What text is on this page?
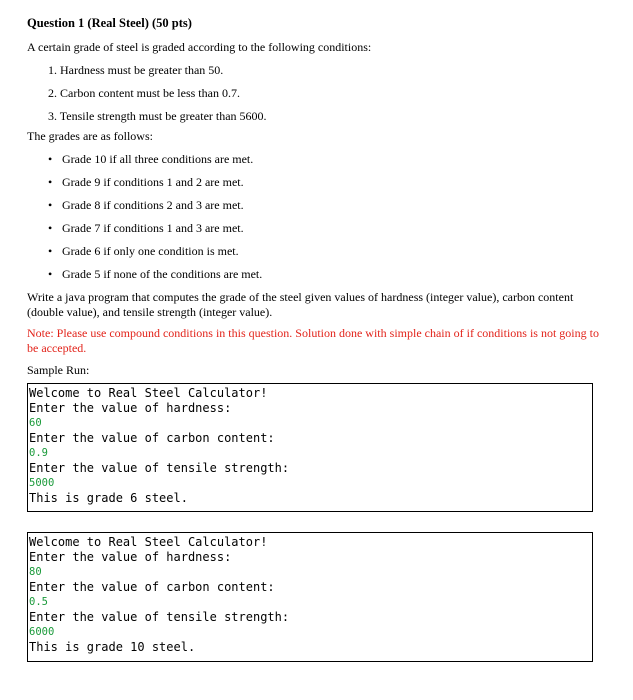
Question 1 (Real Steel) (50 pts)
A certain grade of steel is graded according to the following conditions:
1. Hardness must be greater than 50.
2. Carbon content must be less than 0.7.
3. Tensile strength must be greater than 5600.
The grades are as follows:
• Grade 10 if all three conditions are met.
• Grade 9 if conditions 1 and 2 are met.
• Grade 8 if conditions 2 and 3 are met.
• Grade 7 if conditions 1 and 3 are met.
• Grade 6 if only one condition is met.
• Grade 5 if none of the conditions are met.
Write a java program that computes the grade of the steel given values of hardness (integer value), carbon content (double value), and tensile strength (integer value).
Note: Please use compound conditions in this question. Solution done with simple chain of if conditions is not going to be accepted.
Sample Run:
Welcome to Real Steel Calculator!
Enter the value of hardness:
60
Enter the value of carbon content:
0.9
Enter the value of tensile strength:
5000
This is grade 6 steel.
Welcome to Real Steel Calculator!
Enter the value of hardness:
80
Enter the value of carbon content:
0.5
Enter the value of tensile strength:
6000
This is grade 10 steel.
